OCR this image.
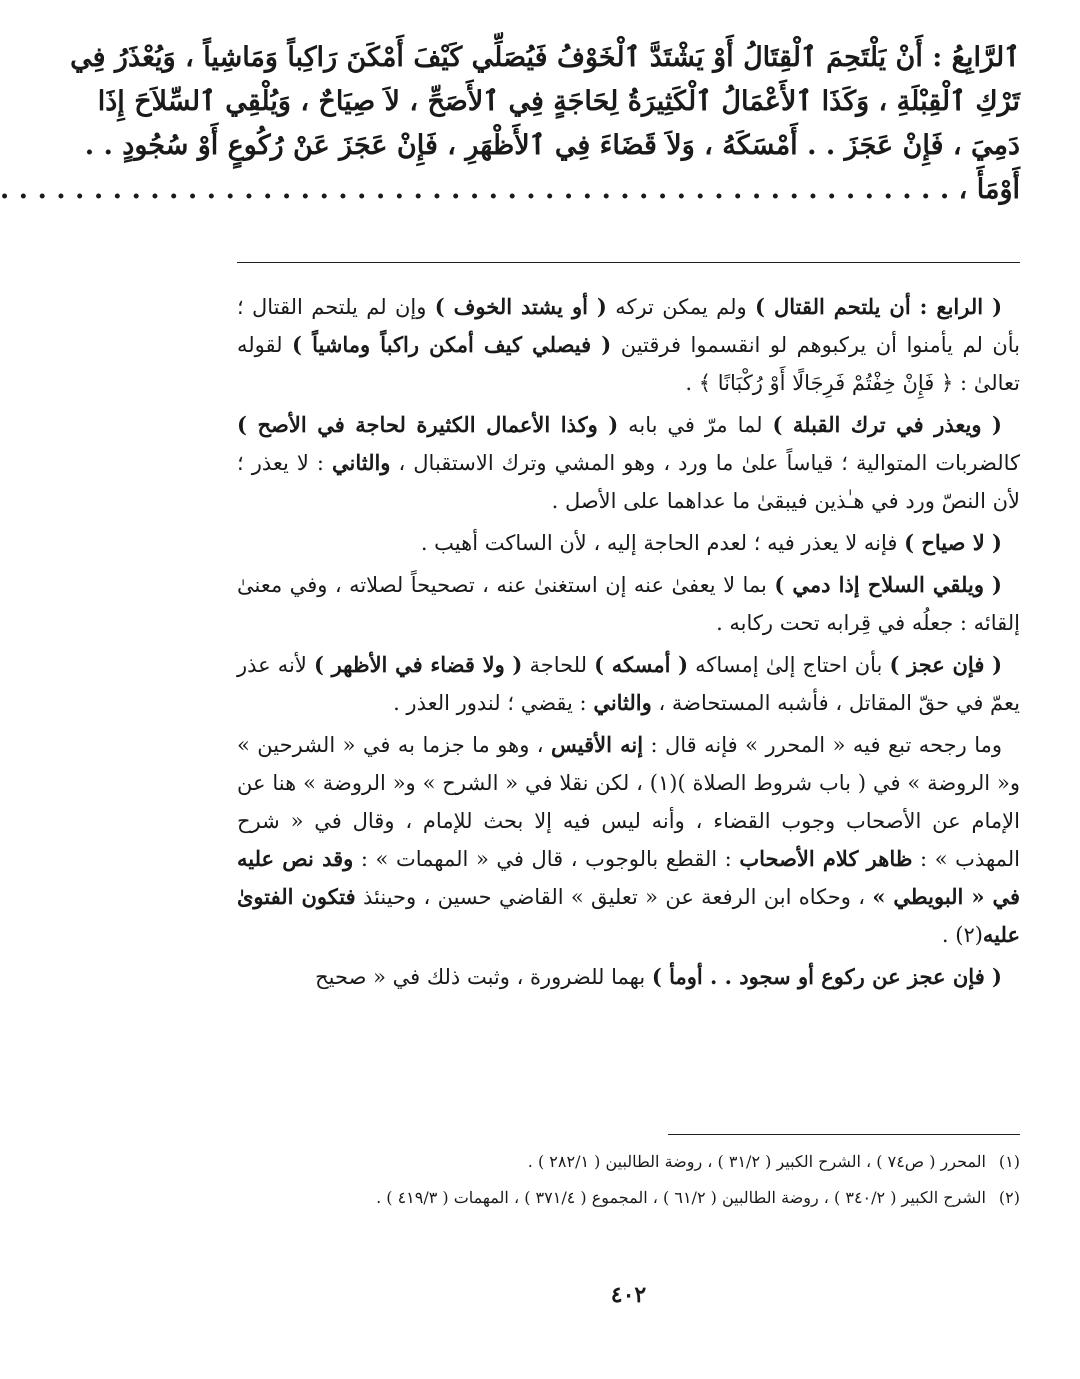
ٱلرَّابِعُ : أَنْ يَلْتَحِمَ ٱلْقِتَالُ أَوْ يَشْتَدَّ ٱلْخَوْفُ فَيُصَلِّي كَيْفَ أَمْكَنَ رَاكِباً وَمَاشِياً ، وَيُعْذَرُ فِي
تَرْكِ ٱلْقِبْلَةِ ، وَكَذَا ٱلأَعْمَالُ ٱلْكَثِيرَةُ لِحَاجَةٍ فِي ٱلأَصَحِّ ، لاَ صِيَاحٌ ، وَيُلْقِي ٱلسِّلاَحَ إِذَا
دَمِيَ ، فَإِنْ عَجَزَ . . أَمْسَكَهُ ، وَلاَ قَضَاءَ فِي ٱلأَظْهَرِ ، فَإِنْ عَجَزَ عَنْ رُكُوعٍ أَوْ سُجُودٍ . .
أَوْمَأَ ، . . . . . . . . . . . . . . . . . . . . . . . . . . . . . . . . . . . . . . . . . . . . . . . . . . .

( الرابع : أن يلتحم القتال ) ولم يمكن تركه ( أو يشتد الخوف ) وإن لم يلتحم القتال ؛ بأن لم يأمنوا أن يركبوهم لو انقسموا فرقتين ( فيصلي كيف أمكن راكباً وماشياً ) لقوله تعالىٰ : ﴿ فَإِنْ خِفْتُمْ فَرِجَالًا أَوْ رُكْبَانًا ﴾ .

( ويعذر في ترك القبلة ) لما مرّ في بابه ( وكذا الأعمال الكثيرة لحاجة في الأصح ) كالضربات المتوالية ؛ قياساً علىٰ ما ورد ، وهو المشي وترك الاستقبال ، والثاني : لا يعذر ؛ لأن النصّ ورد في هـٰذين فيبقىٰ ما عداهما على الأصل .

( لا صياح ) فإنه لا يعذر فيه ؛ لعدم الحاجة إليه ، لأن الساكت أهيب .

( ويلقي السلاح إذا دمي ) بما لا يعفىٰ عنه إن استغنىٰ عنه ، تصحيحاً لصلاته ، وفي معنىٰ إلقائه : جعلُه في قِرابه تحت ركابه .

( فإن عجز ) بأن احتاج إلىٰ إمساكه ( أمسكه ) للحاجة ( ولا قضاء في الأظهر ) لأنه عذر يعمّ في حقّ المقاتل ، فأشبه المستحاضة ، والثاني : يقضي ؛ لندور العذر .

وما رجحه تبع فيه « المحرر » فإنه قال : إنه الأقيس ، وهو ما جزما به في « الشرحين » و« الروضة » في ( باب شروط الصلاة )(١) ، لكن نقلا في « الشرح » و« الروضة » هنا عن الإمام عن الأصحاب وجوب القضاء ، وأنه ليس فيه إلا بحث للإمام ، وقال في « شرح المهذب » : ظاهر كلام الأصحاب : القطع بالوجوب ، قال في « المهمات » : وقد نص عليه في « البويطي » ، وحكاه ابن الرفعة عن « تعليق » القاضي حسين ، وحينئذ فتكون الفتوىٰ عليه(٢) .

( فإن عجز عن ركوع أو سجود . . أومأ ) بهما للضرورة ، وثبت ذلك في « صحيح

(١)
المحرر ( ص٧٤ ) ، الشرح الكبير ( ٣١/٢ ) ، روضة الطالبين ( ٢٨٢/١ ) .
(٢)
الشرح الكبير ( ٣٤٠/٢ ) ، روضة الطالبين ( ٦١/٢ ) ، المجموع ( ٣٧١/٤ ) ، المهمات ( ٤١٩/٣ ) .
٤٠٢
